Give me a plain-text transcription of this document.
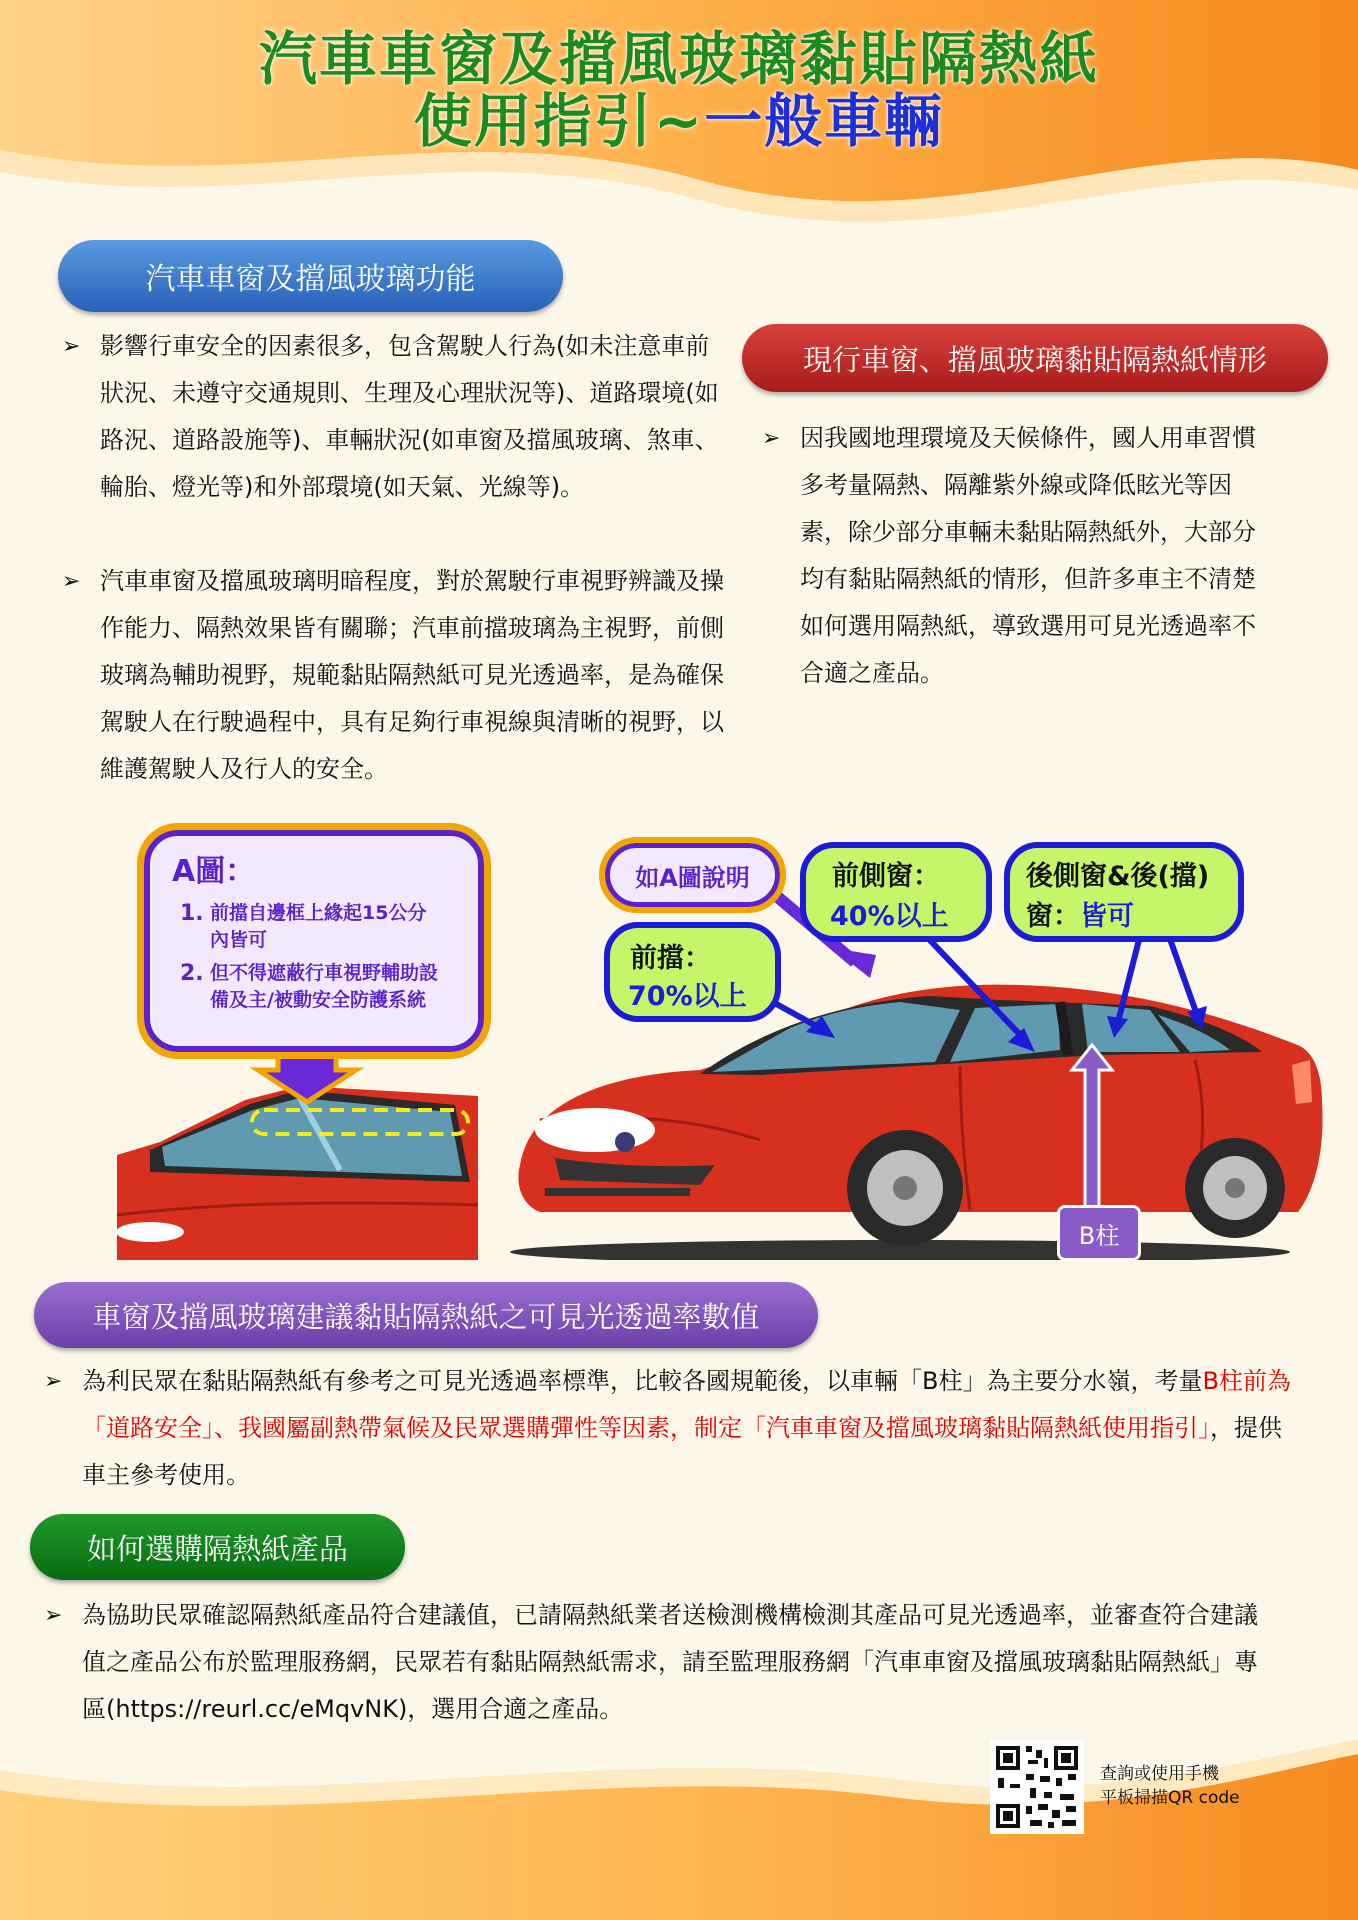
汽車車窗及擋風玻璃黏貼隔熱紙
使用指引~一般車輛
汽車車窗及擋風玻璃功能
➢ 影響行車安全的因素很多，包含駕駛人行為(如未注意車前狀況、未遵守交通規則、生理及心理狀況等)、道路環境(如路況、道路設施等)、車輛狀況(如車窗及擋風玻璃、煞車、輪胎、燈光等)和外部環境(如天氣、光線等)。
➢ 汽車車窗及擋風玻璃明暗程度，對於駕駛行車視野辨識及操作能力、隔熱效果皆有關聯；汽車前擋玻璃為主視野，前側玻璃為輔助視野，規範黏貼隔熱紙可見光透過率，是為確保駕駛人在行駛過程中，具有足夠行車視線與清晰的視野，以維護駕駛人及行人的安全。
現行車窗、擋風玻璃黏貼隔熱紙情形
➢ 因我國地理環境及天候條件，國人用車習慣多考量隔熱、隔離紫外線或降低眩光等因素，除少部分車輛未黏貼隔熱紙外，大部分均有黏貼隔熱紙的情形，但許多車主不清楚如何選用隔熱紙，導致選用可見光透過率不合適之產品。
A圖：
1. 前擋自邊框上緣起15公分內皆可
2. 但不得遮蔽行車視野輔助設備及主/被動安全防護系統
如A圖說明
前擋：
70%以上
前側窗：
40%以上
後側窗&後(擋)
窗：皆可
B柱
車窗及擋風玻璃建議黏貼隔熱紙之可見光透過率數值
➢ 為利民眾在黏貼隔熱紙有參考之可見光透過率標準，比較各國規範後，以車輛「B柱」為主要分水嶺，考量B柱前為「道路安全」、我國屬副熱帶氣候及民眾選購彈性等因素，制定「汽車車窗及擋風玻璃黏貼隔熱紙使用指引」，提供車主參考使用。
如何選購隔熱紙產品
➢ 為協助民眾確認隔熱紙產品符合建議值，已請隔熱紙業者送檢測機構檢測其產品可見光透過率，並審查符合建議值之產品公布於監理服務網，民眾若有黏貼隔熱紙需求，請至監理服務網「汽車車窗及擋風玻璃黏貼隔熱紙」專區(https://reurl.cc/eMqvNK)，選用合適之產品。
查詢或使用手機
平板掃描QR code
